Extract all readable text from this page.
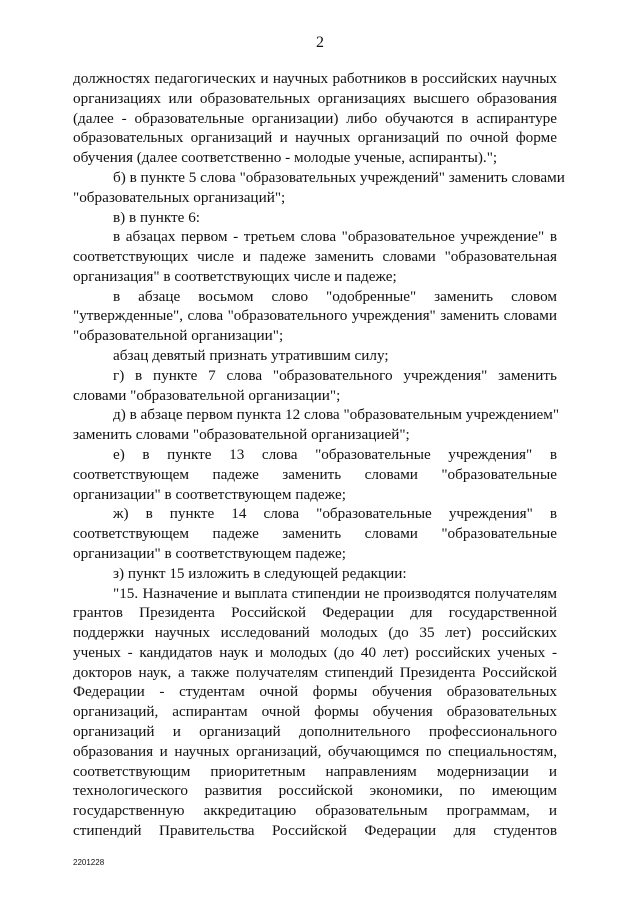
2
должностях педагогических и научных работников в российских научных
организациях или образовательных организациях высшего образования
(далее - образовательные организации) либо обучаются в аспирантуре
образовательных организаций и научных организаций по очной форме
обучения (далее соответственно - молодые ученые, аспиранты).";
б) в пункте 5 слова "образовательных учреждений" заменить словами
"образовательных организаций";
в) в пункте 6:
в абзацах первом - третьем слова "образовательное учреждение" в
соответствующих числе и падеже заменить словами "образовательная
организация" в соответствующих числе и падеже;
в абзаце восьмом слово "одобренные" заменить словом
"утвержденные", слова "образовательного учреждения" заменить словами
"образовательной организации";
абзац девятый признать утратившим силу;
г) в пункте 7 слова "образовательного учреждения" заменить
словами "образовательной организации";
д) в абзаце первом пункта 12 слова "образовательным учреждением"
заменить словами "образовательной организацией";
е) в пункте 13 слова "образовательные учреждения" в
соответствующем падеже заменить словами "образовательные
организации" в соответствующем падеже;
ж) в пункте 14 слова "образовательные учреждения" в
соответствующем падеже заменить словами "образовательные
организации" в соответствующем падеже;
з) пункт 15 изложить в следующей редакции:
"15. Назначение и выплата стипендии не производятся получателям
грантов Президента Российской Федерации для государственной
поддержки научных исследований молодых (до 35 лет) российских
ученых - кандидатов наук и молодых (до 40 лет) российских ученых -
докторов наук, а также получателям стипендий Президента Российской
Федерации - студентам очной формы обучения образовательных
организаций, аспирантам очной формы обучения образовательных
организаций и организаций дополнительного профессионального
образования и научных организаций, обучающимся по специальностям,
соответствующим приоритетным направлениям модернизации и
технологического развития российской экономики, по имеющим
государственную аккредитацию образовательным программам, и
стипендий Правительства Российской Федерации для студентов
2201228
